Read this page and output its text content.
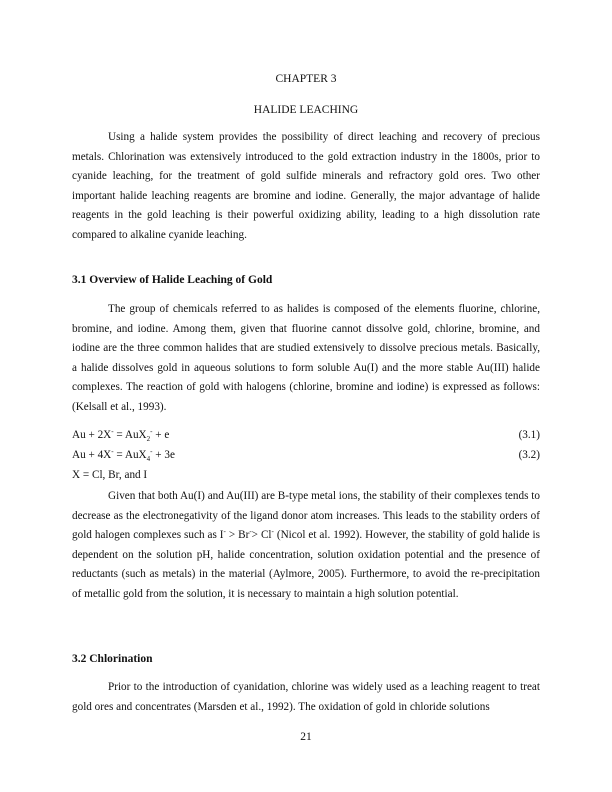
CHAPTER 3
HALIDE LEACHING

Using a halide system provides the possibility of direct leaching and recovery of precious metals. Chlorination was extensively introduced to the gold extraction industry in the 1800s, prior to cyanide leaching, for the treatment of gold sulfide minerals and refractory gold ores. Two other important halide leaching reagents are bromine and iodine. Generally, the major advantage of halide reagents in the gold leaching is their powerful oxidizing ability, leading to a high dissolution rate compared to alkaline cyanide leaching.

3.1 Overview of Halide Leaching of Gold

The group of chemicals referred to as halides is composed of the elements fluorine, chlorine, bromine, and iodine. Among them, given that fluorine cannot dissolve gold, chlorine, bromine, and iodine are the three common halides that are studied extensively to dissolve precious metals. Basically, a halide dissolves gold in aqueous solutions to form soluble Au(I) and the more stable Au(III) halide complexes. The reaction of gold with halogens (chlorine, bromine and iodine) is expressed as follows: (Kelsall et al., 1993).

Au + 2X- = AuX$_2$- + e	(3.1)
Au + 4X- = AuX$_4$- + 3e	(3.2)
X = Cl, Br, and I

Given that both Au(I) and Au(III) are B-type metal ions, the stability of their complexes tends to decrease as the electronegativity of the ligand donor atom increases. This leads to the stability orders of gold halogen complexes such as I- > Br-> Cl- (Nicol et al. 1992). However, the stability of gold halide is dependent on the solution pH, halide concentration, solution oxidation potential and the presence of reductants (such as metals) in the material (Aylmore, 2005). Furthermore, to avoid the re-precipitation of metallic gold from the solution, it is necessary to maintain a high solution potential.

3.2 Chlorination

Prior to the introduction of cyanidation, chlorine was widely used as a leaching reagent to treat gold ores and concentrates (Marsden et al., 1992). The oxidation of gold in chloride solutions

21
